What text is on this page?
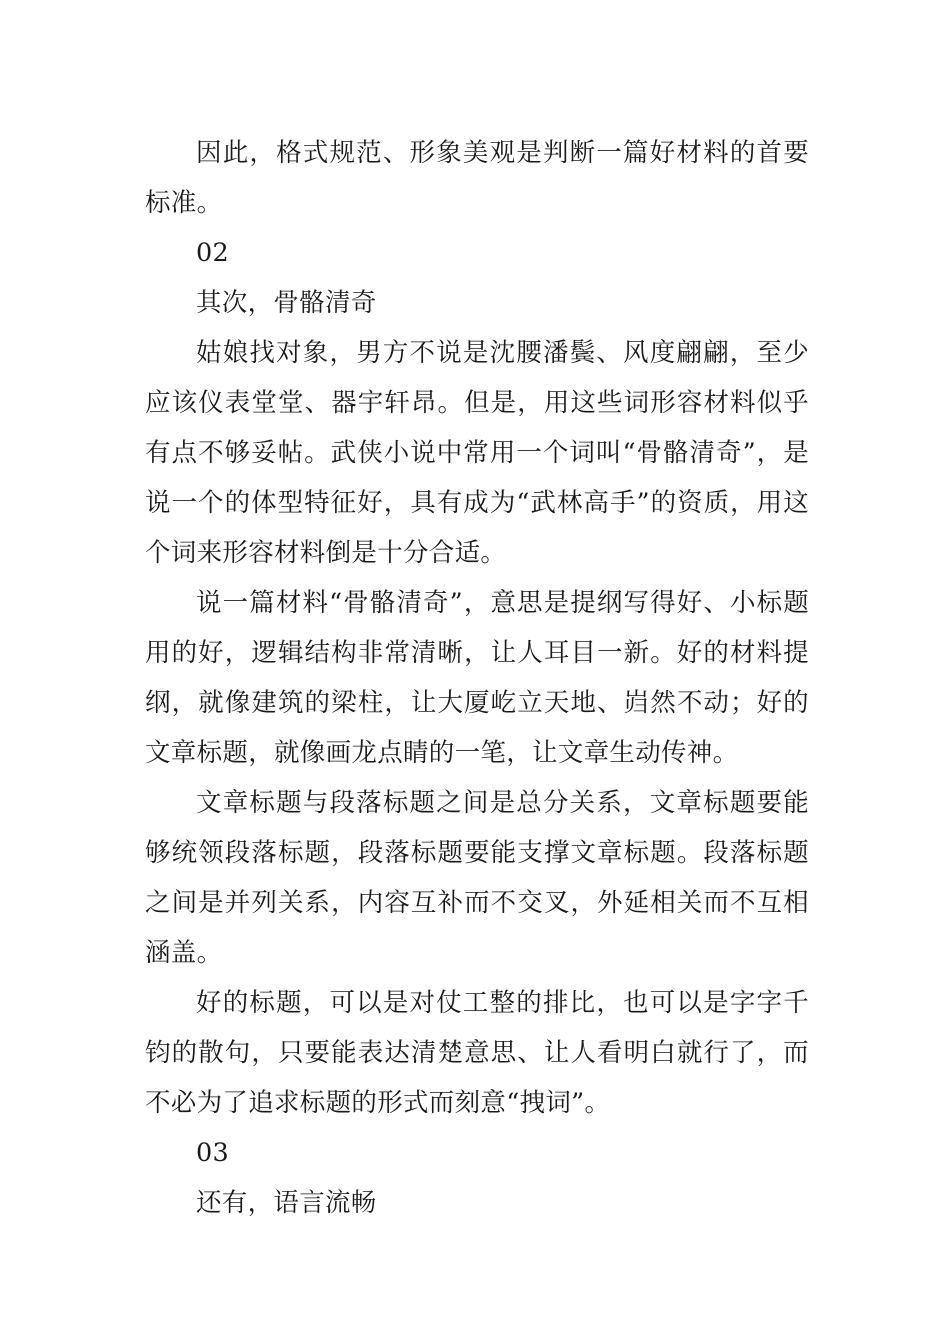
因此，格式规范、形象美观是判断一篇好材料的首要标准。

02

其次，骨骼清奇

姑娘找对象，男方不说是沈腰潘鬓、风度翩翩，至少应该仪表堂堂、器宇轩昂。但是，用这些词形容材料似乎有点不够妥帖。武侠小说中常用一个词叫“骨骼清奇”，是说一个的体型特征好，具有成为“武林高手”的资质，用这个词来形容材料倒是十分合适。

说一篇材料“骨骼清奇”，意思是提纲写得好、小标题用的好，逻辑结构非常清晰，让人耳目一新。好的材料提纲，就像建筑的梁柱，让大厦屹立天地、岿然不动；好的文章标题，就像画龙点睛的一笔，让文章生动传神。

文章标题与段落标题之间是总分关系，文章标题要能够统领段落标题，段落标题要能支撑文章标题。段落标题之间是并列关系，内容互补而不交叉，外延相关而不互相涵盖。

好的标题，可以是对仗工整的排比，也可以是字字千钧的散句，只要能表达清楚意思、让人看明白就行了，而不必为了追求标题的形式而刻意“拽词”。

03

还有，语言流畅
